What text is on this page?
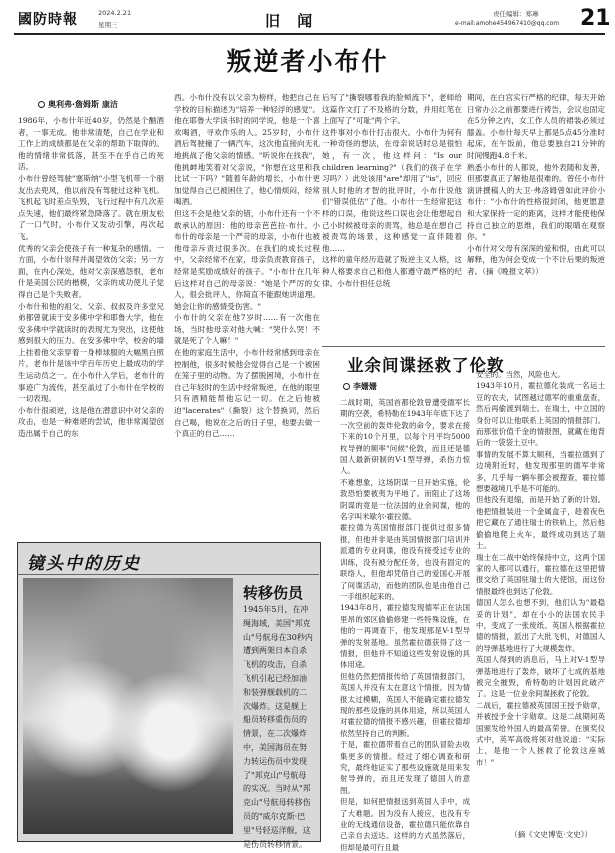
國防時報	2024.2.21
星期三	旧 闻	责任编辑：郑琳
e-mail:amohe454967410@qq.com 21
叛逆者小布什
奥利弗·詹姆斯 康洁
1986年，小布什年近40岁，仍然是个酗酒者，一事无成。他非常清楚，自己在学业和工作上的成绩都是在父亲的帮助下取得的。他的情绪非常低落，甚至不在乎自己的死活。
小布什曾经驾驶"塞斯纳"小型飞机带一个朋友出去兜风，他以前没有驾驶过这种飞机。飞机起飞时差点坠毁，飞行过程中有几次差点失速，他们最终紧急降落了。就在朋友松了一口气时，小布什又发动引擎，再次起飞。
优秀的父亲会使孩子有一种复杂的感情。一方面，小布什崇拜并渴望效仿父亲；另一方面，在内心深处，他对父亲深感怨恨，老布什是美国公民的楷模，父亲的成功使儿子觉得自己是个失败者。
小布什和他的祖父、父亲、叔叔及许多堂兄弟都曾就读于安多佛中学和耶鲁大学，他在安多佛中学就读时的表现尤为突出，这使他感到很大的压力。在安多佛中学，校舍的墙上挂着他父亲穿着一身棒球服的大幅黑白照片，老布什是该中学百年历史上最成功的学生运动员之一。在小布什入学后，老布什的事迹广为流传，甚至盖过了小布什在学校的一切表现。
小布什很顽逆，这是他在潜意识中对父亲的攻击，也是一种难堪的尝试，他非常渴望创造出属于自己的东
西。小布什没有以父亲为榜样，他把自己在学校的目标描述为"培养一种轻浮的感觉"。他在耶鲁大学读书时的同学说，他是一个喜欢喝酒，寻欢作乐的人。25岁时，小布什酒后驾驶撞了一辆汽车，这次他直接向无礼地挑战了他父亲的情感。"听说你在找我"，他挑衅地笑着对父亲说，"你想在这里和我比试一下吗？"随着年龄的增长，小布什更加觉得自己已被困住了，他心情烦闷，经常喝酒。
但这不会是他父亲的错，小布什还有一个不敢承认的原因：他的母亲芭芭拉·布什。小布什的母亲是一个严苛的母亲，小布什也被他母亲斥责过很多次。在我们的成长过程中，父亲经常不在家，母亲负责教育孩子，经常是奖励成绩好的孩子。"小布什在几年后这样对自己的母亲说："她是个严厉的女人，很会批评人，你简直不能跟她讲道理。她会让你的感情受伤害。"
小布什的父亲在他7岁时……有一次他在场，当时他母亲对他大喊："哭什么哭！不就是死了个人嘛！"
在他的家庭生活中，小布什经常感到母亲在控制他，很多时候他会觉得自己是一个被困在笼子里的动物。为了摆脱困境，小布什在自己年轻时的生活中经常叛逆，在他的眼里只有酒精能帮他忘记一切。在之后他被迫"lacerates"（撕裂）这个替换词，然后自己喝，他说在之后的日子里，他要去做一个真正的自己……
后写了"撕裂哪着我的脸颊流下"，老师给这篇作文打了不及格的分数，并用红笔在上面写了"可耻"两个字。
这件事对小布什打击很大。小布什为何有一种奇怪的想法，在母亲说话时总是很怕她，有一次，他这样问："Is our children learning?"（我们的孩子在学习吗？）此处该用"are"却用了"is"，回应别人时他的才智的批评时，小布什说他们"错误低估"了他。小布什一生经常犯这样的口误，他说这些口误也会让他想起自己小时候被母亲的责骂，他总是在想自己被责骂的场景，这种感觉一直伴随着他……
这样的童年经历造就了叛逆主义人格，这种人格要求自己和他人都遵守最严格的纪律。小布什担任总统
期间，在白宫实行严格的纪律，每天开始日常办公之前都要进行祷告，会议也固定在5分钟之内，女工作人员的裙装必须过膝盖。小布什每天早上都是5点45分准时起床，在午饭前，他总要独自21分钟的时间慢跑4.8千米。
熟悉小布什的人都说，他外表随和友善，但那要真正了解他是很难的。曾任小布什演讲撰稿人的大卫·弗洛姆曾如此评价小布什："小布什的性格很封闭，他更愿意和大家保持一定的距离，这样才能使他保持自己独立的思维，我们的眼睛在观察你。"
小布什对父母有深深的爱和恨，由此可以解释，他为何会变成一个不计后果的叛逆者。（摘《晚报文萃》）
镜头中的历史
转移伤员
1945年5月，在冲绳海域，美国"邦克山"号航母在30秒内遭到两架日本自杀飞机的攻击，自杀飞机引起已经加油和装弹舰载机的二次爆炸。这是舰上船员转移重伤员的情景，在二次爆炸中，美国海员在努力转运伤员中发现了"邦克山"号航母的实况。当时从"邦克山"号航母转移伤员的"威尔克斯·巴里"号轻巡洋舰，这是伤员转移情景。
业余间谍拯救了伦敦
李姗姗
二战时期，英国首都伦敦曾遭受德军长期的空袭，希特勒在1943年年底下达了一次空前的轰炸伦敦的命令，要求在接下来的10个月里，以每个月平均5000枚导弹的频率"问候"伦敦，而且还是德国人最新研制的V-1型导弹，杀伤力惊人。
不难想象，这场阴谋一旦开始实施，伦敦恐怕要被夷为平地了。而阻止了这场阴谋的竟是一位法国的业余间谍，他的名字叫米歇尔·霍拉德。
霍拉德为英国情报部门提供过很多情报，但他并非是由英国情报部门培训并派遣的专业间谍，他没有接受过专业的训练，没有被分配任务，也没有固定的联络人，但他却凭借自己的爱国心开展了间谍活动，而他的团队也是由他自己一手组织起来的。
1943年8月，霍拉德发现德军正在法国里昂的郊区偷偷修建一些特殊设施，在他的一再调查下，他发现那是V-1型导弹的发射基地。虽然霍拉德获得了这一情报，但他并不知道这些发射设施的具体用途。
但他仍然把情报传给了英国情报部门，英国人并没有太在意这个情报。因为情报太过模糊，英国人不能确定霍拉德发现的那些设施的具体用途，所以英国人对霍拉德的情报不感兴趣，但霍拉德却依然坚持自己的判断。
于是，霍拉德带着自己的团队冒险去收集更多的情报。经过了细心调查和研究，最终他证实了那些设施就是用来发射导弹的，而且还发现了德国人的意图。
但是，如何把情报送到英国人手中，成了大难题。因为没有人接应，也没有专业的无线通信设备，霍拉德只能依靠自己亲自去送达。这样的方式虽然落后，但却是最可行且最
安全的。当然，风险也大。
1943年10月，霍拉德化装成一名运土豆的农夫，试图越过德军的重重盘查，然后再偷渡到瑞士。在瑞士，中立国的身份可以让他联系上英国的情报部门。而那张价值千金的情报图，就藏在他背后的一袋袋土豆中。
事情的发展不算太顺利，当霍拉德到了边境附近时，他发现那里的德军非常多，几乎每一辆车都会被搜查，霍拉德想要越境几乎是不可能的。
但他没有退缩，而是开始了新的计划。他把情报装进一个金属盒子，趁着夜色把它藏在了通往瑞士的铁轨上，然后他偷偷地爬上火车，最终成功到达了瑞士。
瑞士在二战中始终保持中立，这两个国家的人都可以通行，霍拉德在这里把情报交给了英国驻瑞士的大使馆，而这份情报最终也到达了伦敦。
德国人怎么也想不到，他们认为"最稳妥的计划"，却在小小的法国农民手中，变成了一张废纸。英国人根据霍拉德的情报，派出了大批飞机，对德国人的导弹基地进行了大规模轰炸。
英国人得到的消息后，马上对V-1型导弹基地进行了轰炸，破坏了七成的基地被完全摧毁，希特勒的计划因此破产了。这是一位业余间谍拯救了伦敦。
二战后，霍拉德被英国国王授予勋章，并被授予金十字勋章。这是二战期间英国颁发给外国人的最高荣誉。在颁奖仪式中，英军高级将领对他说道："实际上，是他一个人拯救了伦敦这座城市！"
（摘《文史博览·文史》）
